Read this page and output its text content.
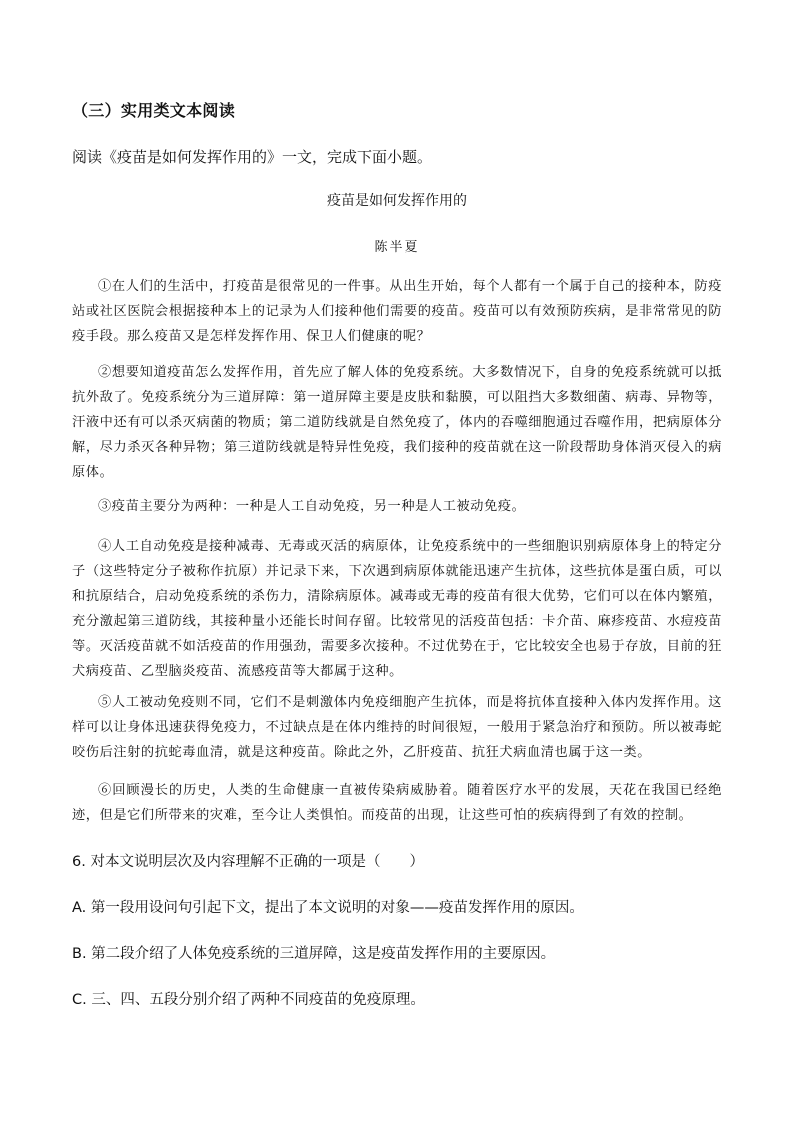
（三）实用类文本阅读
阅读《疫苗是如何发挥作用的》一文，完成下面小题。
疫苗是如何发挥作用的
陈半夏
①在人们的生活中，打疫苗是很常见的一件事。从出生开始，每个人都有一个属于自己的接种本，防疫站或社区医院会根据接种本上的记录为人们接种他们需要的疫苗。疫苗可以有效预防疾病，是非常常见的防疫手段。那么疫苗又是怎样发挥作用、保卫人们健康的呢？
②想要知道疫苗怎么发挥作用，首先应了解人体的免疫系统。大多数情况下，自身的免疫系统就可以抵抗外敌了。免疫系统分为三道屏障：第一道屏障主要是皮肤和黏膜，可以阻挡大多数细菌、病毒、异物等，汗液中还有可以杀灭病菌的物质；第二道防线就是自然免疫了，体内的吞噬细胞通过吞噬作用，把病原体分解，尽力杀灭各种异物；第三道防线就是特异性免疫，我们接种的疫苗就在这一阶段帮助身体消灭侵入的病原体。
③疫苗主要分为两种：一种是人工自动免疫，另一种是人工被动免疫。
④人工自动免疫是接种减毒、无毒或灭活的病原体，让免疫系统中的一些细胞识别病原体身上的特定分子（这些特定分子被称作抗原）并记录下来，下次遇到病原体就能迅速产生抗体，这些抗体是蛋白质，可以和抗原结合，启动免疫系统的杀伤力，清除病原体。减毒或无毒的疫苗有很大优势，它们可以在体内繁殖，充分激起第三道防线，其接种量小还能长时间存留。比较常见的活疫苗包括：卡介苗、麻疹疫苗、水痘疫苗等。灭活疫苗就不如活疫苗的作用强劲，需要多次接种。不过优势在于，它比较安全也易于存放，目前的狂犬病疫苗、乙型脑炎疫苗、流感疫苗等大都属于这种。
⑤人工被动免疫则不同，它们不是刺激体内免疫细胞产生抗体，而是将抗体直接种入体内发挥作用。这样可以让身体迅速获得免疫力，不过缺点是在体内维持的时间很短，一般用于紧急治疗和预防。所以被毒蛇咬伤后注射的抗蛇毒血清，就是这种疫苗。除此之外，乙肝疫苗、抗狂犬病血清也属于这一类。
⑥回顾漫长的历史，人类的生命健康一直被传染病威胁着。随着医疗水平的发展，天花在我国已经绝迹，但是它们所带来的灾难，至今让人类惧怕。而疫苗的出现，让这些可怕的疾病得到了有效的控制。
6. 对本文说明层次及内容理解不正确的一项是（　　）
A. 第一段用设问句引起下文，提出了本文说明的对象——疫苗发挥作用的原因。
B. 第二段介绍了人体免疫系统的三道屏障，这是疫苗发挥作用的主要原因。
C. 三、四、五段分别介绍了两种不同疫苗的免疫原理。
